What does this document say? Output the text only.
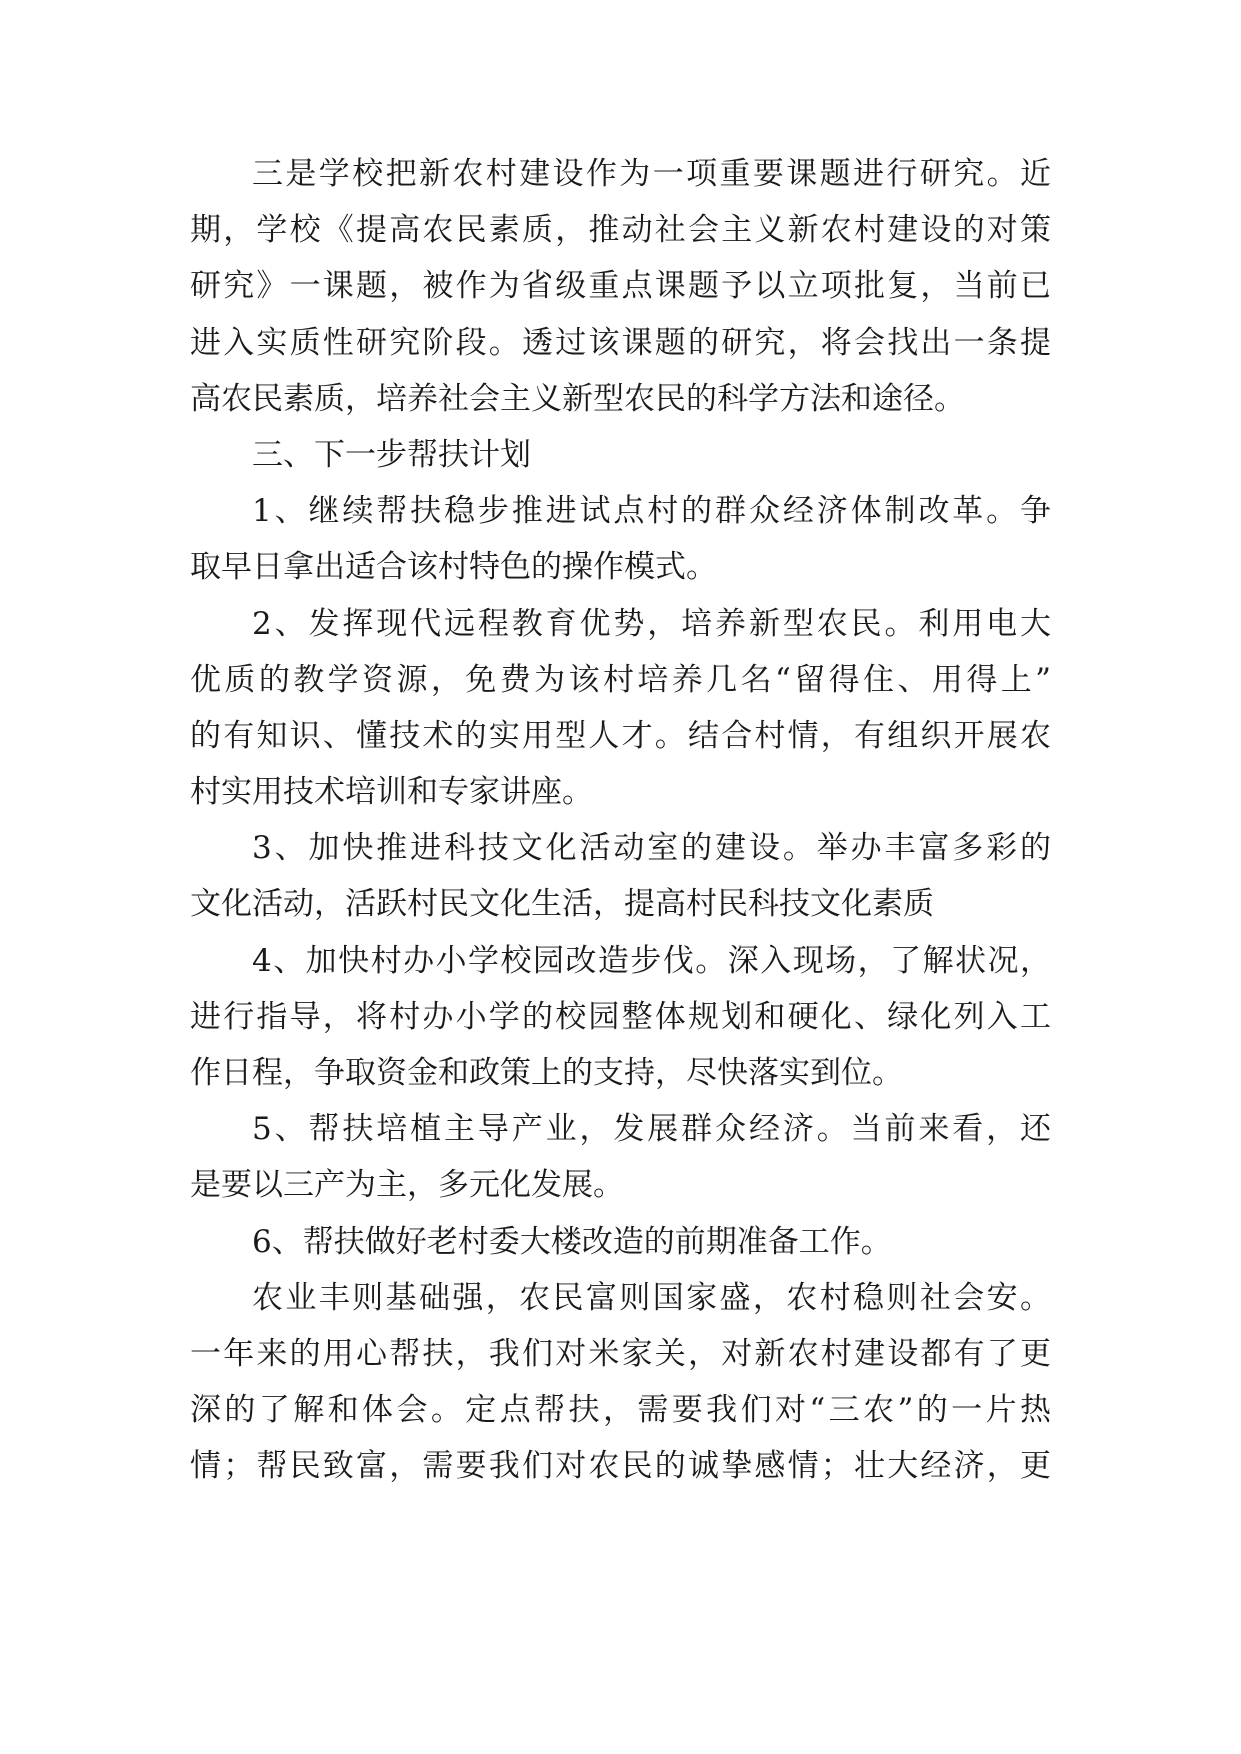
三是学校把新农村建设作为一项重要课题进行研究。近
期，学校《提高农民素质，推动社会主义新农村建设的对策
研究》一课题，被作为省级重点课题予以立项批复，当前已
进入实质性研究阶段。透过该课题的研究，将会找出一条提
高农民素质，培养社会主义新型农民的科学方法和途径。
三、下一步帮扶计划
1、继续帮扶稳步推进试点村的群众经济体制改革。争
取早日拿出适合该村特色的操作模式。
2、发挥现代远程教育优势，培养新型农民。利用电大
优质的教学资源，免费为该村培养几名“留得住、用得上”
的有知识、懂技术的实用型人才。结合村情，有组织开展农
村实用技术培训和专家讲座。
3、加快推进科技文化活动室的建设。举办丰富多彩的
文化活动，活跃村民文化生活，提高村民科技文化素质
4、加快村办小学校园改造步伐。深入现场，了解状况，
进行指导，将村办小学的校园整体规划和硬化、绿化列入工
作日程，争取资金和政策上的支持，尽快落实到位。
5、帮扶培植主导产业，发展群众经济。当前来看，还
是要以三产为主，多元化发展。
6、帮扶做好老村委大楼改造的前期准备工作。
农业丰则基础强，农民富则国家盛，农村稳则社会安。
一年来的用心帮扶，我们对米家关，对新农村建设都有了更
深的了解和体会。定点帮扶，需要我们对“三农”的一片热
情；帮民致富，需要我们对农民的诚挚感情；壮大经济，更
